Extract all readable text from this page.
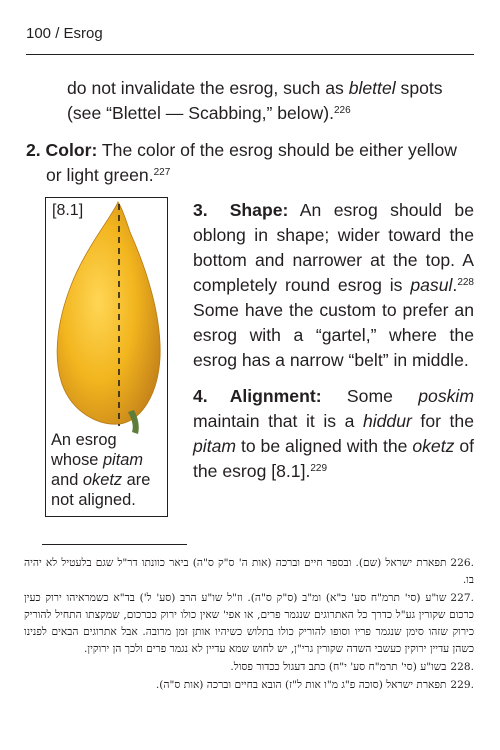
100 / Esrog

do not invalidate the esrog, such as blettel spots (see “Blettel — Scabbing,” below).$^{226}$

2. Color: The color of the esrog should be either yellow or light green.$^{227}$

[8.1]
An esrog whose pitam and oketz are not aligned.

3. Shape: An esrog should be oblong in shape; wider toward the bottom and narrower at the top. A completely round esrog is pasul.$^{228}$ Some have the custom to prefer an esrog with a “gartel,” where the esrog has a narrow “belt” in middle.

4. Alignment: Some poskim maintain that it is a hiddur for the pitam to be aligned with the oketz of the esrog [8.1].$^{229}$

226.תפארת ישראל (שם). ובספר חיים וברכה (אות ה' ס"ק ס"ה) ביאר כוונתו דר"ל שגם בלעטיל לא יהיה בו.

227.שו"ע (סי' תרמ"ח סע' כ"א) ומ"ב (ס"ק ס"ה). וז"ל שו"ע הרב (סע' ל') בד"א כשמראיהו ירוק כעין כרכום שקורין גע"ל כדרך כל האתרוגים שנגמר פרים, או אפי' שאין כולו ירוק ככרכום, שמקצתו התחיל להוריק כירוק שזהו סימן שנגמר פריו וסופו להוריק כולו בתלוש כשיהיו אותן זמן מרובה. אבל אתרוגים הבאים לפנינו כשהן עדיין ירוקין כעשבי השדה שקורין גרי"ן, יש לחוש שמא עדיין לא נגמר פרים ולכך הן ירוקין.

228.בשו"ע (סי' תרמ"ח סע' י"ח) כתב דעגול ככדור פסול.

229.תפארת ישראל (סוכה פ"ג מ"ו אות ל"ז) הובא בחיים וברכה (אות ס"ה).
